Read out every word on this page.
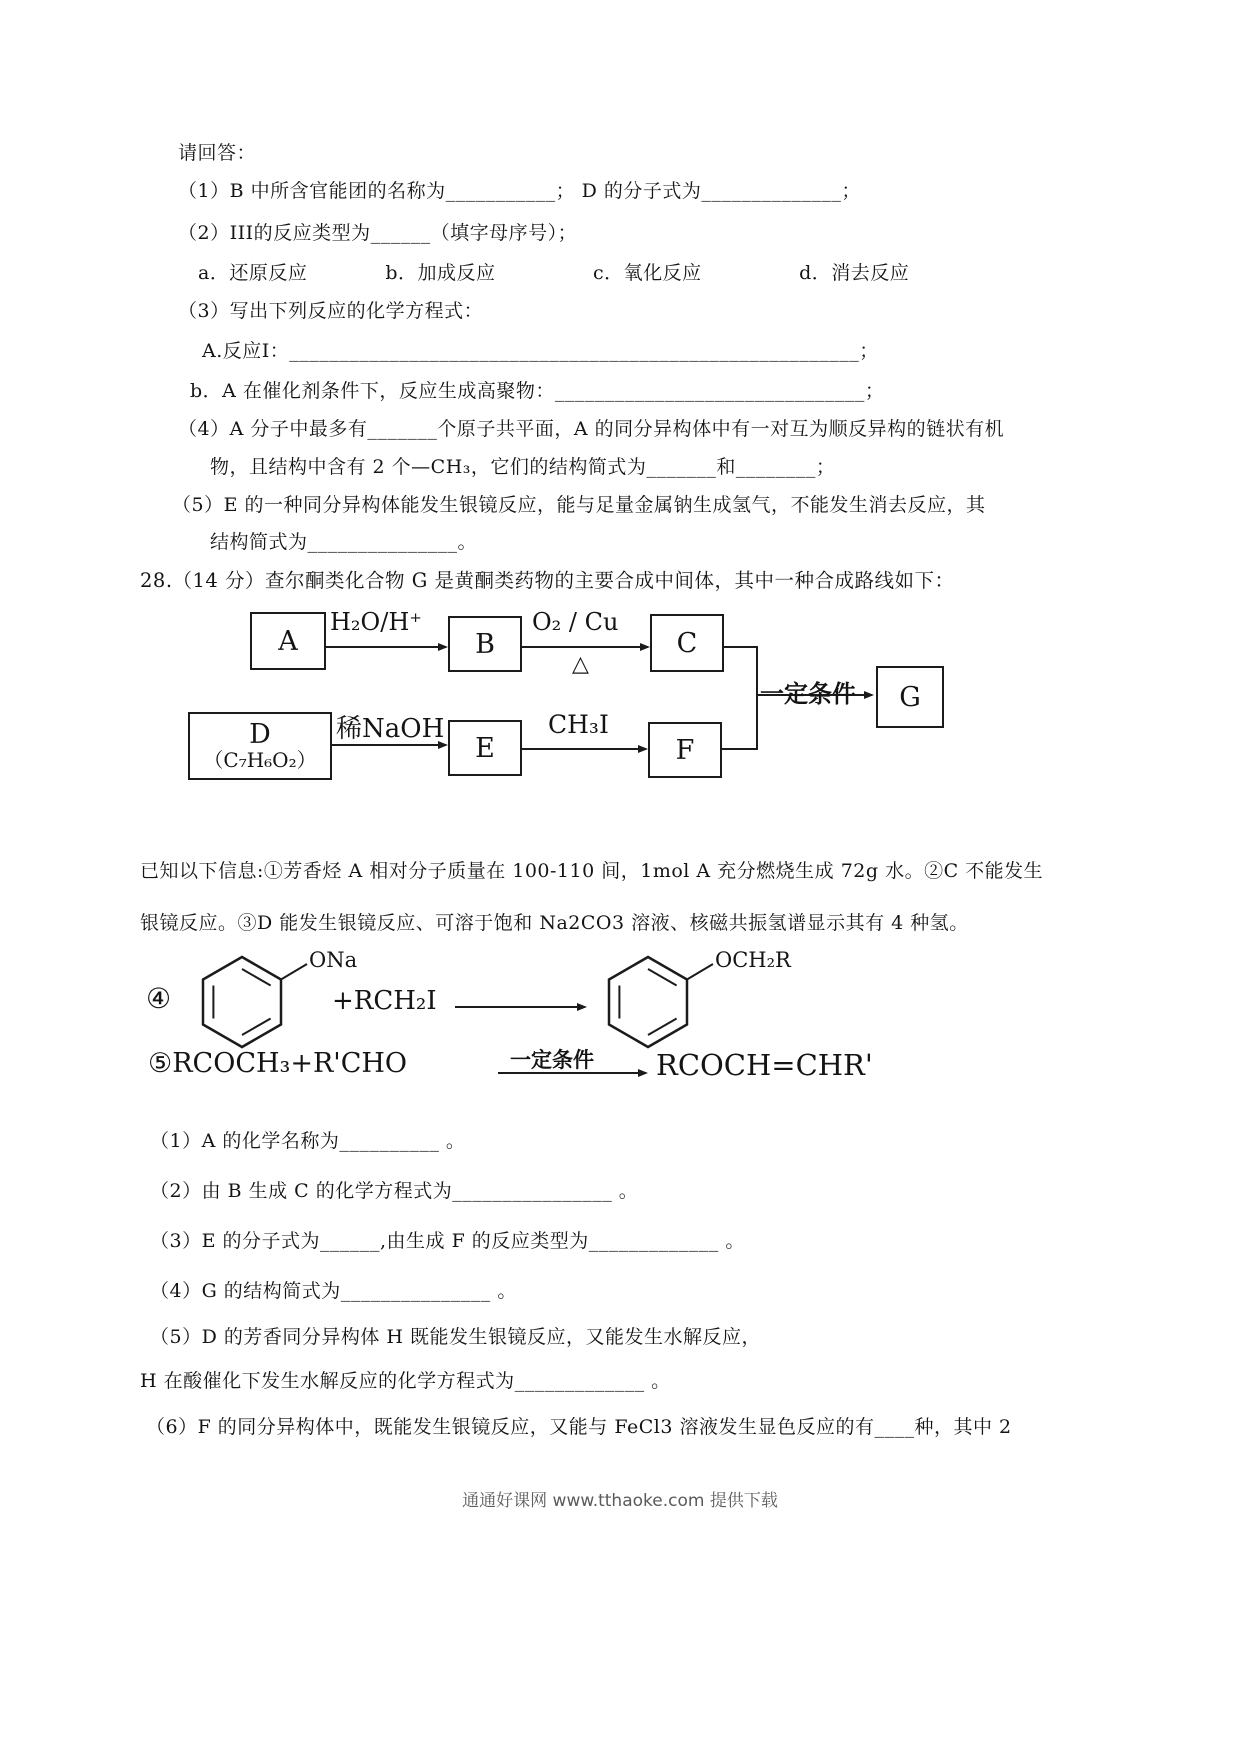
请回答：
（1）B 中所含官能团的名称为___________； D 的分子式为______________；
（2）III的反应类型为______（填字母序号）；
a．还原反应　　　　b．加成反应　　　　　c．氧化反应　　　　　d．消去反应
（3）写出下列反应的化学方程式：
A.反应Ⅰ：_________________________________________________________；
b．A 在催化剂条件下，反应生成高聚物：_______________________________；
（4）A 分子中最多有_______个原子共平面，A 的同分异构体中有一对互为顺反异构的链状有机
物，且结构中含有 2 个—CH₃，它们的结构简式为_______和________；
（5）E 的一种同分异构体能发生银镜反应，能与足量金属钠生成氢气，不能发生消去反应，其
结构简式为_______________。
28.（14 分）查尔酮类化合物 G 是黄酮类药物的主要合成中间体，其中一种合成路线如下：
A
H₂O/H⁺
B
O₂ / Cu
△
C
一定条件 G
D
（C₇H₆O₂）
稀NaOH
E
CH₃I
F
已知以下信息:①芳香烃 A 相对分子质量在 100-110 间，1mol A 充分燃烧生成 72g 水。②C 不能发生
银镜反应。③D 能发生银镜反应、可溶于饱和 Na2CO3 溶液、核磁共振氢谱显示其有 4 种氢。
④
ONa
+RCH₂I
OCH₂R
⑤RCOCH₃+R'CHO	一定条件 RCOCH=CHR'
（1）A 的化学名称为__________ 。
（2）由 B 生成 C 的化学方程式为________________ 。
（3）E 的分子式为______,由生成 F 的反应类型为_____________ 。
（4）G 的结构简式为_______________ 。
（5）D 的芳香同分异构体 H 既能发生银镜反应，又能发生水解反应，
H 在酸催化下发生水解反应的化学方程式为_____________ 。
（6）F 的同分异构体中，既能发生银镜反应，又能与 FeCl3 溶液发生显色反应的有____种，其中 2
通通好课网 www.tthaoke.com 提供下载
